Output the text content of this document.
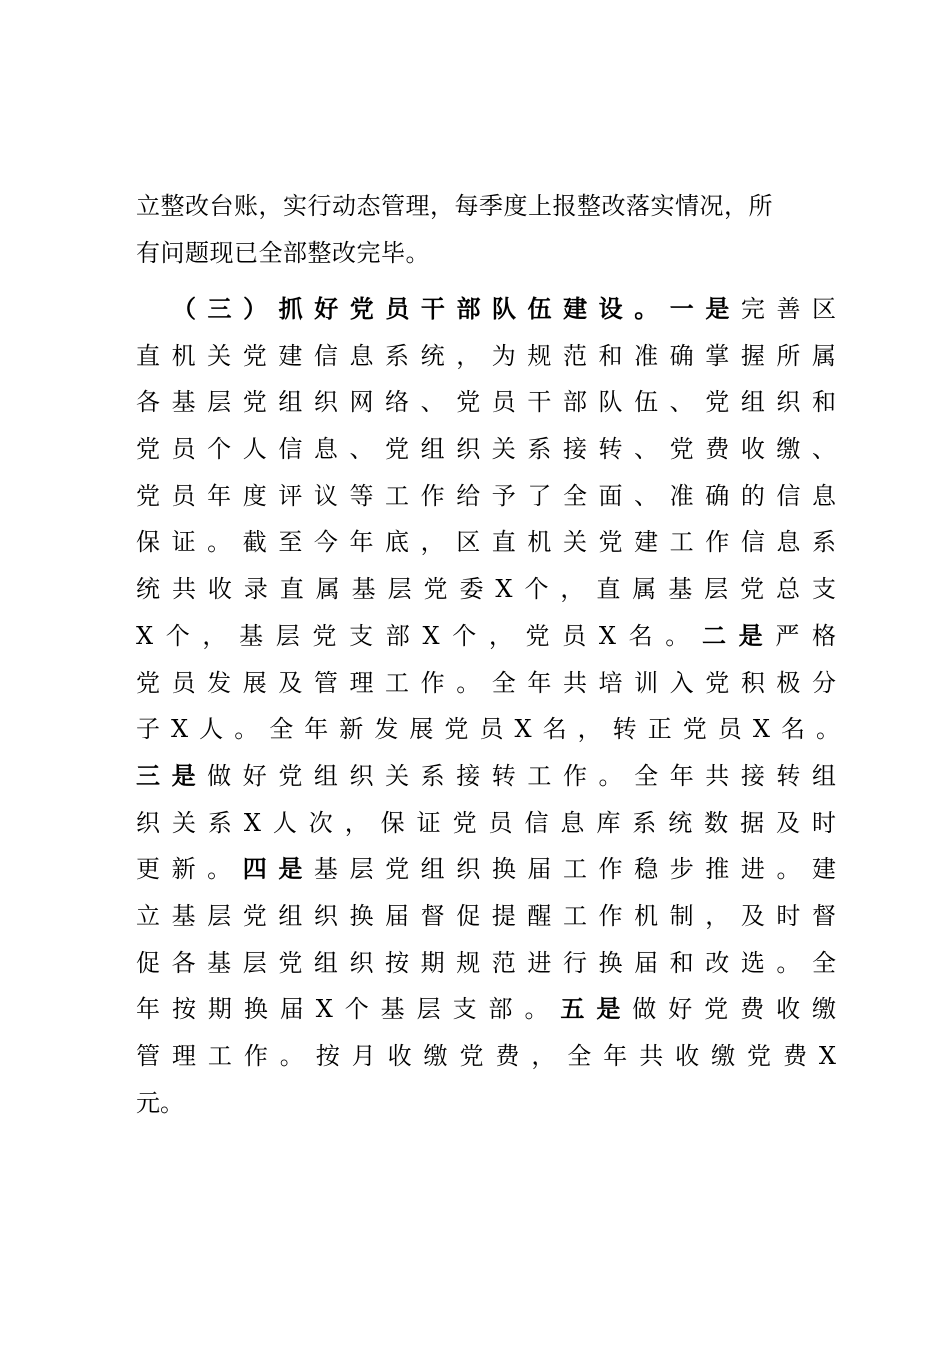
立整改台账，实行动态管理，每季度上报整改落实情况，所
有问题现已全部整改完毕。
（三）抓好党员干部队伍建设。一是完善区
直机关党建信息系统，为规范和准确掌握所属
各基层党组织网络、党员干部队伍、党组织和
党员个人信息、党组织关系接转、党费收缴、
党员年度评议等工作给予了全面、准确的信息
保证。截至今年底，区直机关党建工作信息系
统共收录直属基层党委X个，直属基层党总支
X个，基层党支部X个，党员X名。二是严格
党员发展及管理工作。全年共培训入党积极分
子X人。全年新发展党员X名，转正党员X名。
三是做好党组织关系接转工作。全年共接转组
织关系X人次，保证党员信息库系统数据及时
更新。四是基层党组织换届工作稳步推进。建
立基层党组织换届督促提醒工作机制，及时督
促各基层党组织按期规范进行换届和改选。全
年按期换届X个基层支部。五是做好党费收缴
管理工作。按月收缴党费，全年共收缴党费X
元。
